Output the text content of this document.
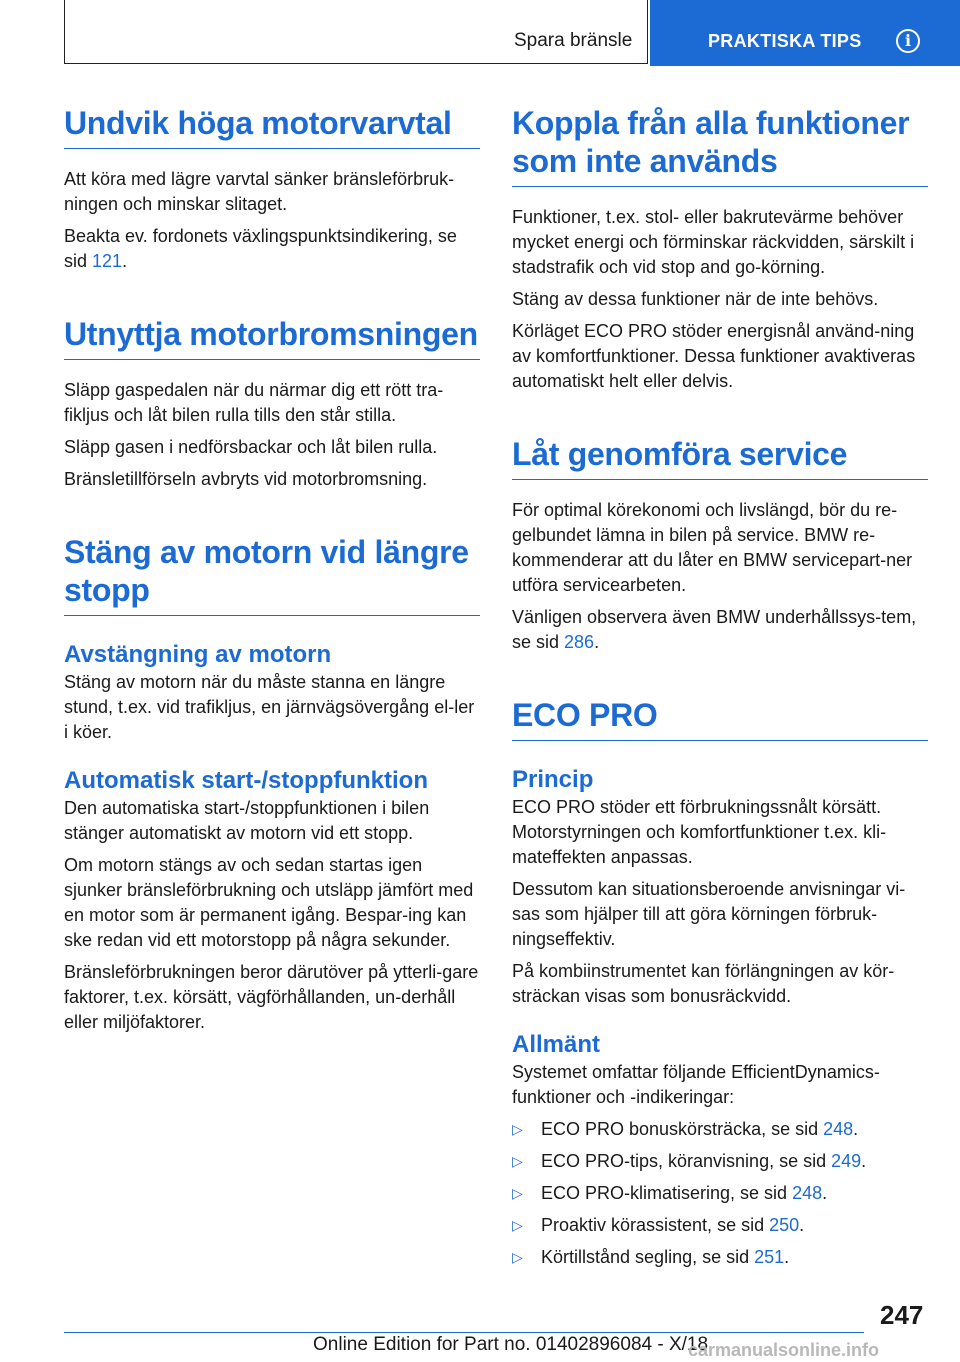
Spara bränsle	PRAKTISKA TIPS	i
Undvik höga motorvarvtal

Att köra med lägre varvtal sänker bränsleförbruk-ningen och minskar slitaget.

Beakta ev. fordonets växlingspunktsindikering, se sid 121.

Utnyttja motorbromsningen

Släpp gaspedalen när du närmar dig ett rött tra-fikljus och låt bilen rulla tills den står stilla.

Släpp gasen i nedförsbackar och låt bilen rulla.

Bränsletillförseln avbryts vid motorbromsning.

Stäng av motorn vid längre stopp
Avstängning av motorn

Stäng av motorn när du måste stanna en längre stund, t.ex. vid trafikljus, en järnvägsövergång el-ler i köer.

Automatisk start-/stoppfunktion

Den automatiska start-/stoppfunktionen i bilen stänger automatiskt av motorn vid ett stopp.

Om motorn stängs av och sedan startas igen sjunker bränsleförbrukning och utsläpp jämfört med en motor som är permanent igång. Bespar-ing kan ske redan vid ett motorstopp på några sekunder.

Bränsleförbrukningen beror därutöver på ytterli-gare faktorer, t.ex. körsätt, vägförhållanden, un-derhåll eller miljöfaktorer.

Koppla från alla funktioner som inte används

Funktioner, t.ex. stol- eller bakrutevärme behöver mycket energi och förminskar räckvidden, särskilt i stadstrafik och vid stop and go-körning.

Stäng av dessa funktioner när de inte behövs.

Körläget ECO PRO stöder energisnål använd-ning av komfortfunktioner. Dessa funktioner avaktiveras automatiskt helt eller delvis.

Låt genomföra service

För optimal körekonomi och livslängd, bör du re-gelbundet lämna in bilen på service. BMW re-kommenderar att du låter en BMW servicepart-ner utföra servicearbeten.

Vänligen observera även BMW underhållssys-tem, se sid 286.

ECO PRO
Princip

ECO PRO stöder ett förbrukningssnålt körsätt. Motorstyrningen och komfortfunktioner t.ex. kli-mateffekten anpassas.

Dessutom kan situationsberoende anvisningar vi-sas som hjälper till att göra körningen förbruk-ningseffektiv.

På kombiinstrumentet kan förlängningen av kör-sträckan visas som bonusräckvidd.

Allmänt

Systemet omfattar följande EfficientDynamics-funktioner och -indikeringar:

▷ ECO PRO bonuskörsträcka, se sid 248.
▷ ECO PRO-tips, köranvisning, se sid 249.
▷ ECO PRO-klimatisering, se sid 248.
▷ Proaktiv körassistent, se sid 250.
▷ Körtillstånd segling, se sid 251.
247
Online Edition for Part no. 01402896084 - X/18
carmanualsonline.info
